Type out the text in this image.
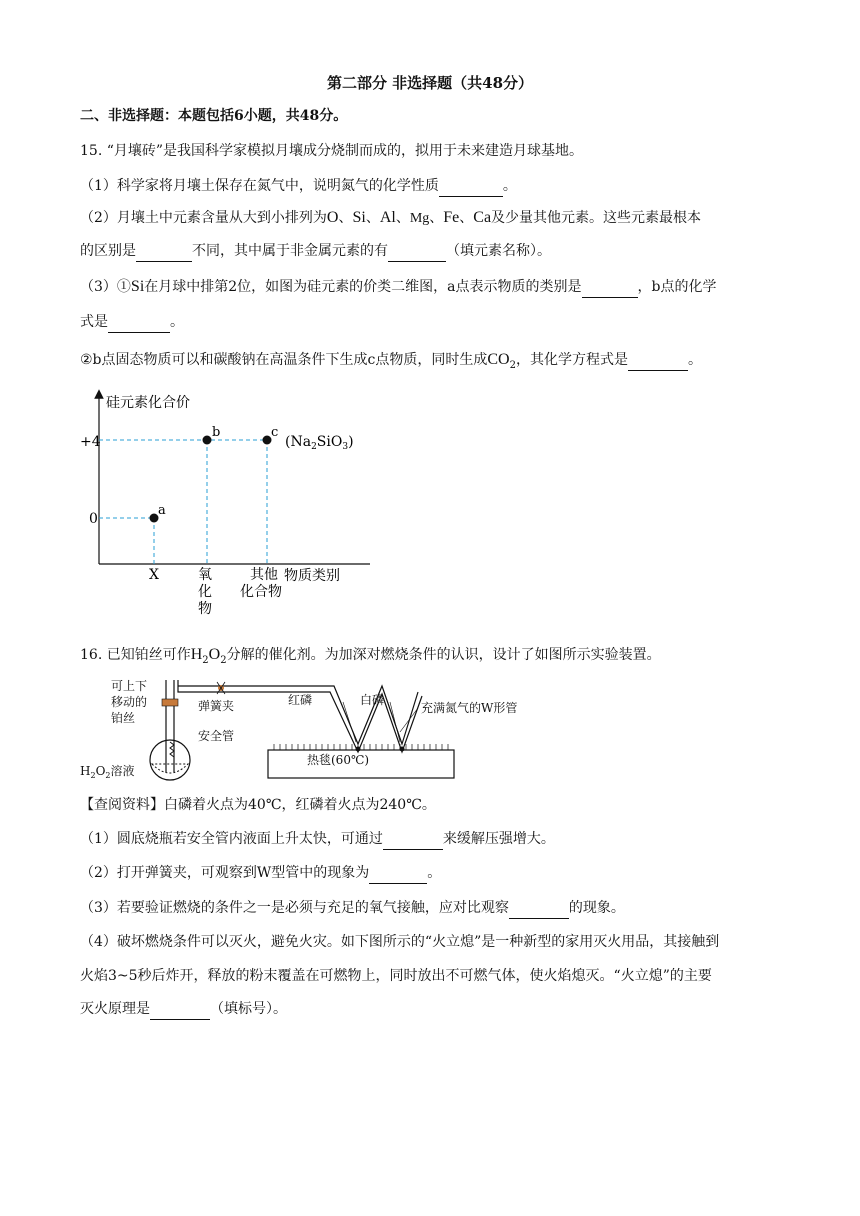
第二部分 非选择题（共48分）
二、非选择题：本题包括6小题，共48分。
15. “月壤砖”是我国科学家模拟月壤成分烧制而成的，拟用于未来建造月球基地。
（1）科学家将月壤土保存在氮气中，说明氮气的化学性质	。
（2）月壤土中元素含量从大到小排列为O、Si、Al、Mg、Fe、Ca及少量其他元素。这些元素最根本
的区别是	不同，其中属于非金属元素的有	（填元素名称）。
（3）①Si在月球中排第2位，如图为硅元素的价类二维图，a点表示物质的类别是	，b点的化学
式是	。
②b点固态物质可以和碳酸钠在高温条件下生成c点物质，同时生成$CO_2$，其化学方程式是	。
硅元素化合价
物质类别
+4
0
X	氧
化
物
其他
化合物
a
b	c
$(Na_2SiO_3)$
16. 已知铂丝可作$H_2O_2$分解的催化剂。为加深对燃烧条件的认识，设计了如图所示实验装置。
可上下
移动的
铂丝
弹簧夹
安全管
$H_2O_2$溶液
红磷	白磷
充满氮气的W形管
热毯(60℃)
【查阅资料】白磷着火点为40℃，红磷着火点为240℃。
（1）圆底烧瓶若安全管内液面上升太快，可通过	来缓解压强增大。
（2）打开弹簧夹，可观察到W型管中的现象为	。
（3）若要验证燃烧的条件之一是必须与充足的氧气接触，应对比观察	的现象。
（4）破坏燃烧条件可以灭火，避免火灾。如下图所示的“火立熄”是一种新型的家用灭火用品，其接触到
火焰3~5秒后炸开，释放的粉末覆盖在可燃物上，同时放出不可燃气体，使火焰熄灭。“火立熄”的主要
灭火原理是	（填标号）。
